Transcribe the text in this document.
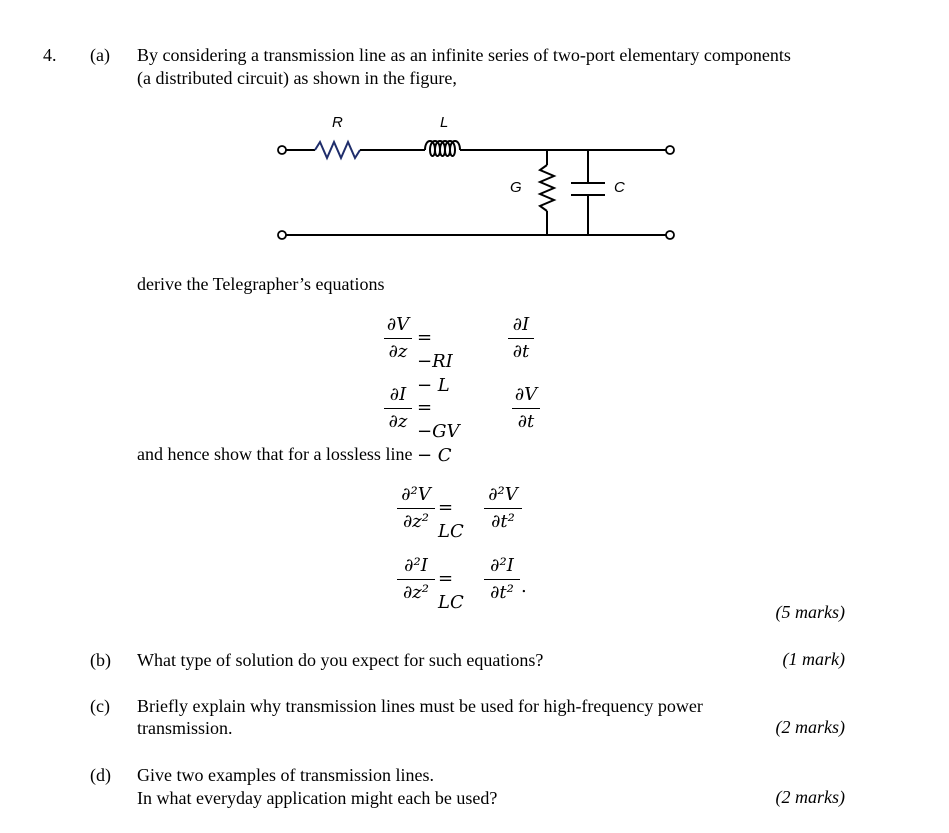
4. (a) By considering a transmission line as an infinite series of two-port elementary components
(a distributed circuit) as shown in the figure,
R	L
G	C
derive the Telegrapher’s equations
∂V
∂z
= −RI − L
∂I
∂t
∂I
∂z
= −GV − C
∂V
∂t
and hence show that for a lossless line
∂²V
∂z²
= LC
∂²V
∂t²
∂²I
∂z²
= LC
∂²I
∂t² .
(5 marks)
(b) What type of solution do you expect for such equations?	(1 mark)
(c) Briefly explain why transmission lines must be used for high-frequency power
transmission.	(2 marks)
(d) Give two examples of transmission lines.
In what everyday application might each be used?	(2 marks)
